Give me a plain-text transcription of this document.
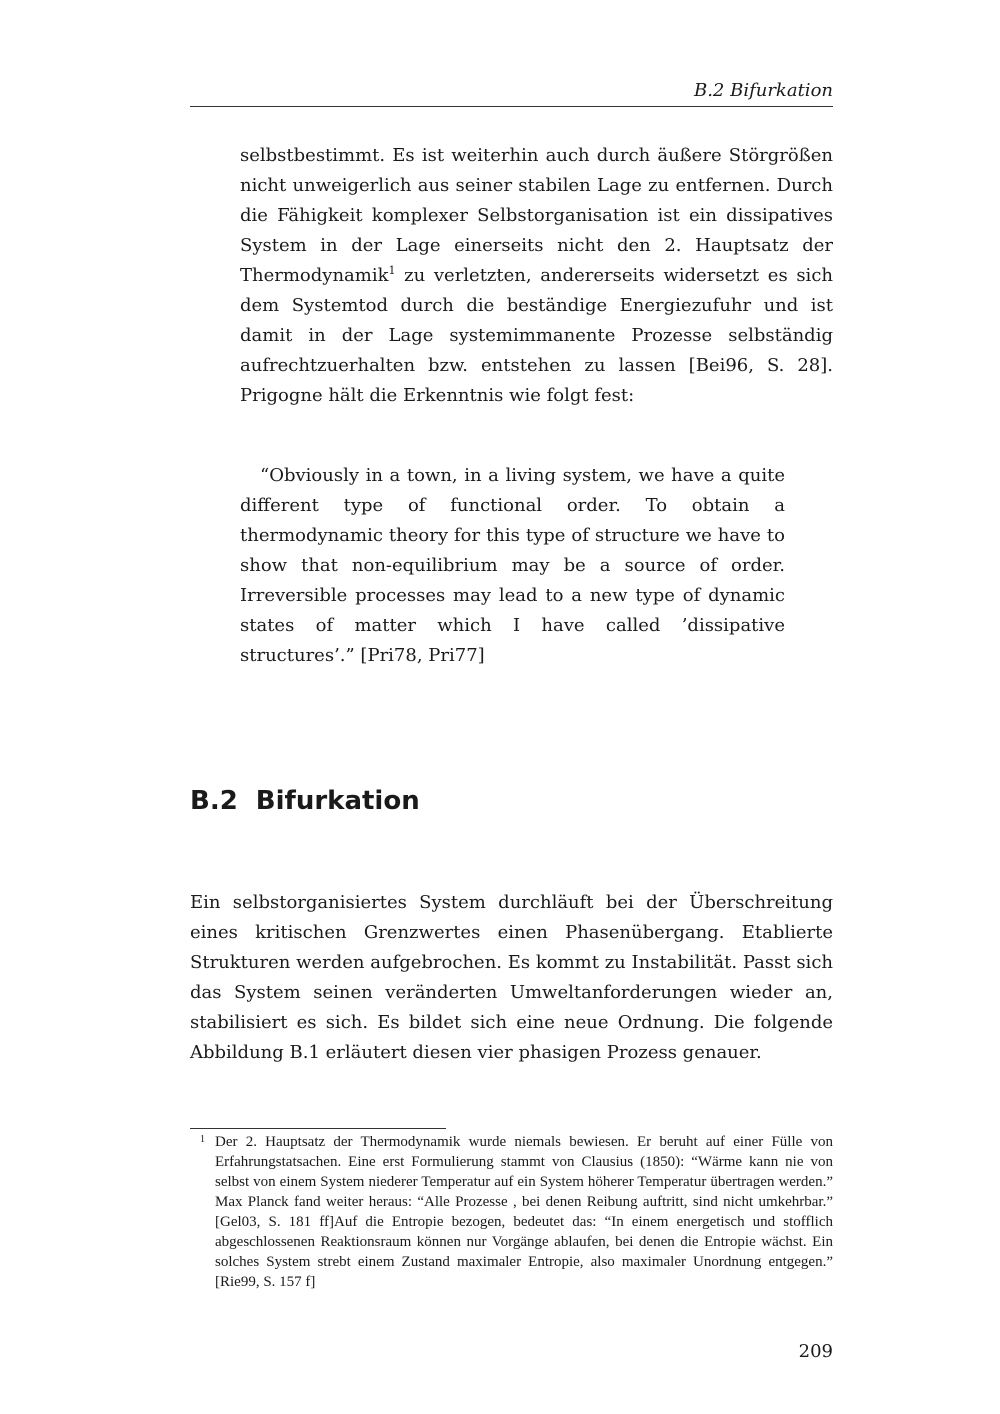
B.2 Bifurkation

selbstbestimmt. Es ist weiterhin auch durch äußere Störgrößen nicht unweigerlich aus seiner stabilen Lage zu entfernen. Durch die Fähigkeit komplexer Selbstorganisation ist ein dissipatives System in der Lage einerseits nicht den 2. Hauptsatz der Thermodynamik$^1$ zu verletzten, andererseits widersetzt es sich dem Systemtod durch die beständige Energiezufuhr und ist damit in der Lage systemimmanente Prozesse selbständig aufrechtzuerhalten bzw. entstehen zu lassen [Bei96, S. 28]. Prigogne hält die Erkenntnis wie folgt fest:

“Obviously in a town, in a living system, we have a quite different type of functional order. To obtain a thermodynamic theory for this type of structure we have to show that non-equilibrium may be a source of order. Irreversible processes may lead to a new type of dynamic states of matter which I have called ’dissipative structures’.” [Pri78, Pri77]
B.2 Bifurkation

Ein selbstorganisiertes System durchläuft bei der Überschreitung eines kritischen Grenzwertes einen Phasenübergang. Etablierte Strukturen werden aufgebrochen. Es kommt zu Instabilität. Passt sich das System seinen veränderten Umweltanforderungen wieder an, stabilisiert es sich. Es bildet sich eine neue Ordnung. Die folgende Abbildung B.1 erläutert diesen vier phasigen Prozess genauer.

1 Der 2. Hauptsatz der Thermodynamik wurde niemals bewiesen. Er beruht auf einer Fülle von Erfahrungstatsachen. Eine erst Formulierung stammt von Clausius (1850): “Wärme kann nie von selbst von einem System niederer Temperatur auf ein System höherer Temperatur übertragen werden.” Max Planck fand weiter heraus: “Alle Prozesse , bei denen Reibung auftritt, sind nicht umkehrbar.” [Gel03, S. 181 ff]Auf die Entropie bezogen, bedeutet das: “In einem energetisch und stofflich abgeschlossenen Reaktionsraum können nur Vorgänge ablaufen, bei denen die Entropie wächst. Ein solches System strebt einem Zustand maximaler Entropie, also maximaler Unordnung entgegen.” [Rie99, S. 157 f]
209
